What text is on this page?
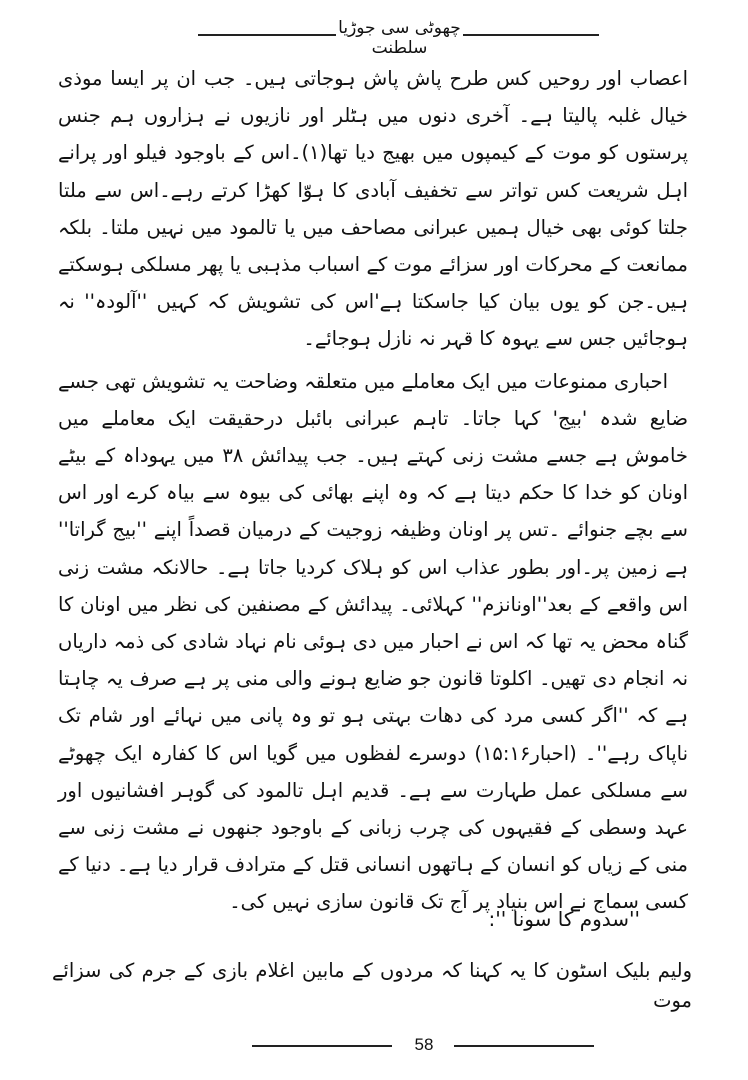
چھوٹی سی جوڑیا سلطنت

اعصاب اور روحیں کس طرح پاش پاش ہوجاتی ہیں۔ جب ان پر ایسا موذی خیال غلبہ پالیتا ہے۔ آخری دنوں میں ہٹلر اور نازیوں نے ہزاروں ہم جنس پرستوں کو موت کے کیمپوں میں بھیج دیا تھا(۱)۔اس کے باوجود فیلو اور پرانے اہل شریعت کس تواتر سے تخفیف آبادی کا ہوّا کھڑا کرتے رہے۔اس سے ملتا جلتا کوئی بھی خیال ہمیں عبرانی مصاحف میں یا تالمود میں نہیں ملتا۔ بلکہ ممانعت کے محرکات اور سزائے موت کے اسباب مذہبی یا پھر مسلکی ہوسکتے ہیں۔جن کو یوں بیان کیا جاسکتا ہے'اس کی تشویش کہ کہیں ''آلودہ'' نہ ہوجائیں جس سے یہوہ کا قہر نہ نازل ہوجائے۔

احباری ممنوعات میں ایک معاملے میں متعلقہ وضاحت یہ تشویش تھی جسے ضایع شدہ 'بیج' کہا جاتا۔ تاہم عبرانی بائبل درحقیقت ایک معاملے میں خاموش ہے جسے مشت زنی کہتے ہیں۔ جب پیدائش ۳۸ میں یہوداہ کے بیٹے اونان کو خدا کا حکم دیتا ہے کہ وہ اپنے بھائی کی بیوہ سے بیاہ کرے اور اس سے بچے جنوائے ۔تس پر اونان وظیفہ زوجیت کے درمیان قصداً اپنے ''بیج گراتا'' ہے زمین پر۔اور بطور عذاب اس کو ہلاک کردیا جاتا ہے۔ حالانکہ مشت زنی اس واقعے کے بعد''اونانزم'' کہلائی۔ پیدائش کے مصنفین کی نظر میں اونان کا گناہ محض یہ تھا کہ اس نے احبار میں دی ہوئی نام نہاد شادی کی ذمہ داریاں نہ انجام دی تھیں۔ اکلوتا قانون جو ضایع ہونے والی منی پر ہے صرف یہ چاہتا ہے کہ ''اگر کسی مرد کی دھات بہتی ہو تو وہ پانی میں نہائے اور شام تک ناپاک رہے''۔ (احبار۱۵:۱۶) دوسرے لفظوں میں گویا اس کا کفارہ ایک چھوٹے سے مسلکی عمل طہارت سے ہے۔ قدیم اہل تالمود کی گوہر افشانیوں اور عہد وسطی کے فقیہوں کی چرب زبانی کے باوجود جنھوں نے مشت زنی سے منی کے زیاں کو انسان کے ہاتھوں انسانی قتل کے مترادف قرار دیا ہے۔ دنیا کے کسی سماج نے اس بنیاد پر آج تک قانون سازی نہیں کی۔

''سدوم کا سونا '':
ولیم بلیک اسٹون کا یہ کہنا کہ مردوں کے مابین اغلام بازی کے جرم کی سزائے موت
58
